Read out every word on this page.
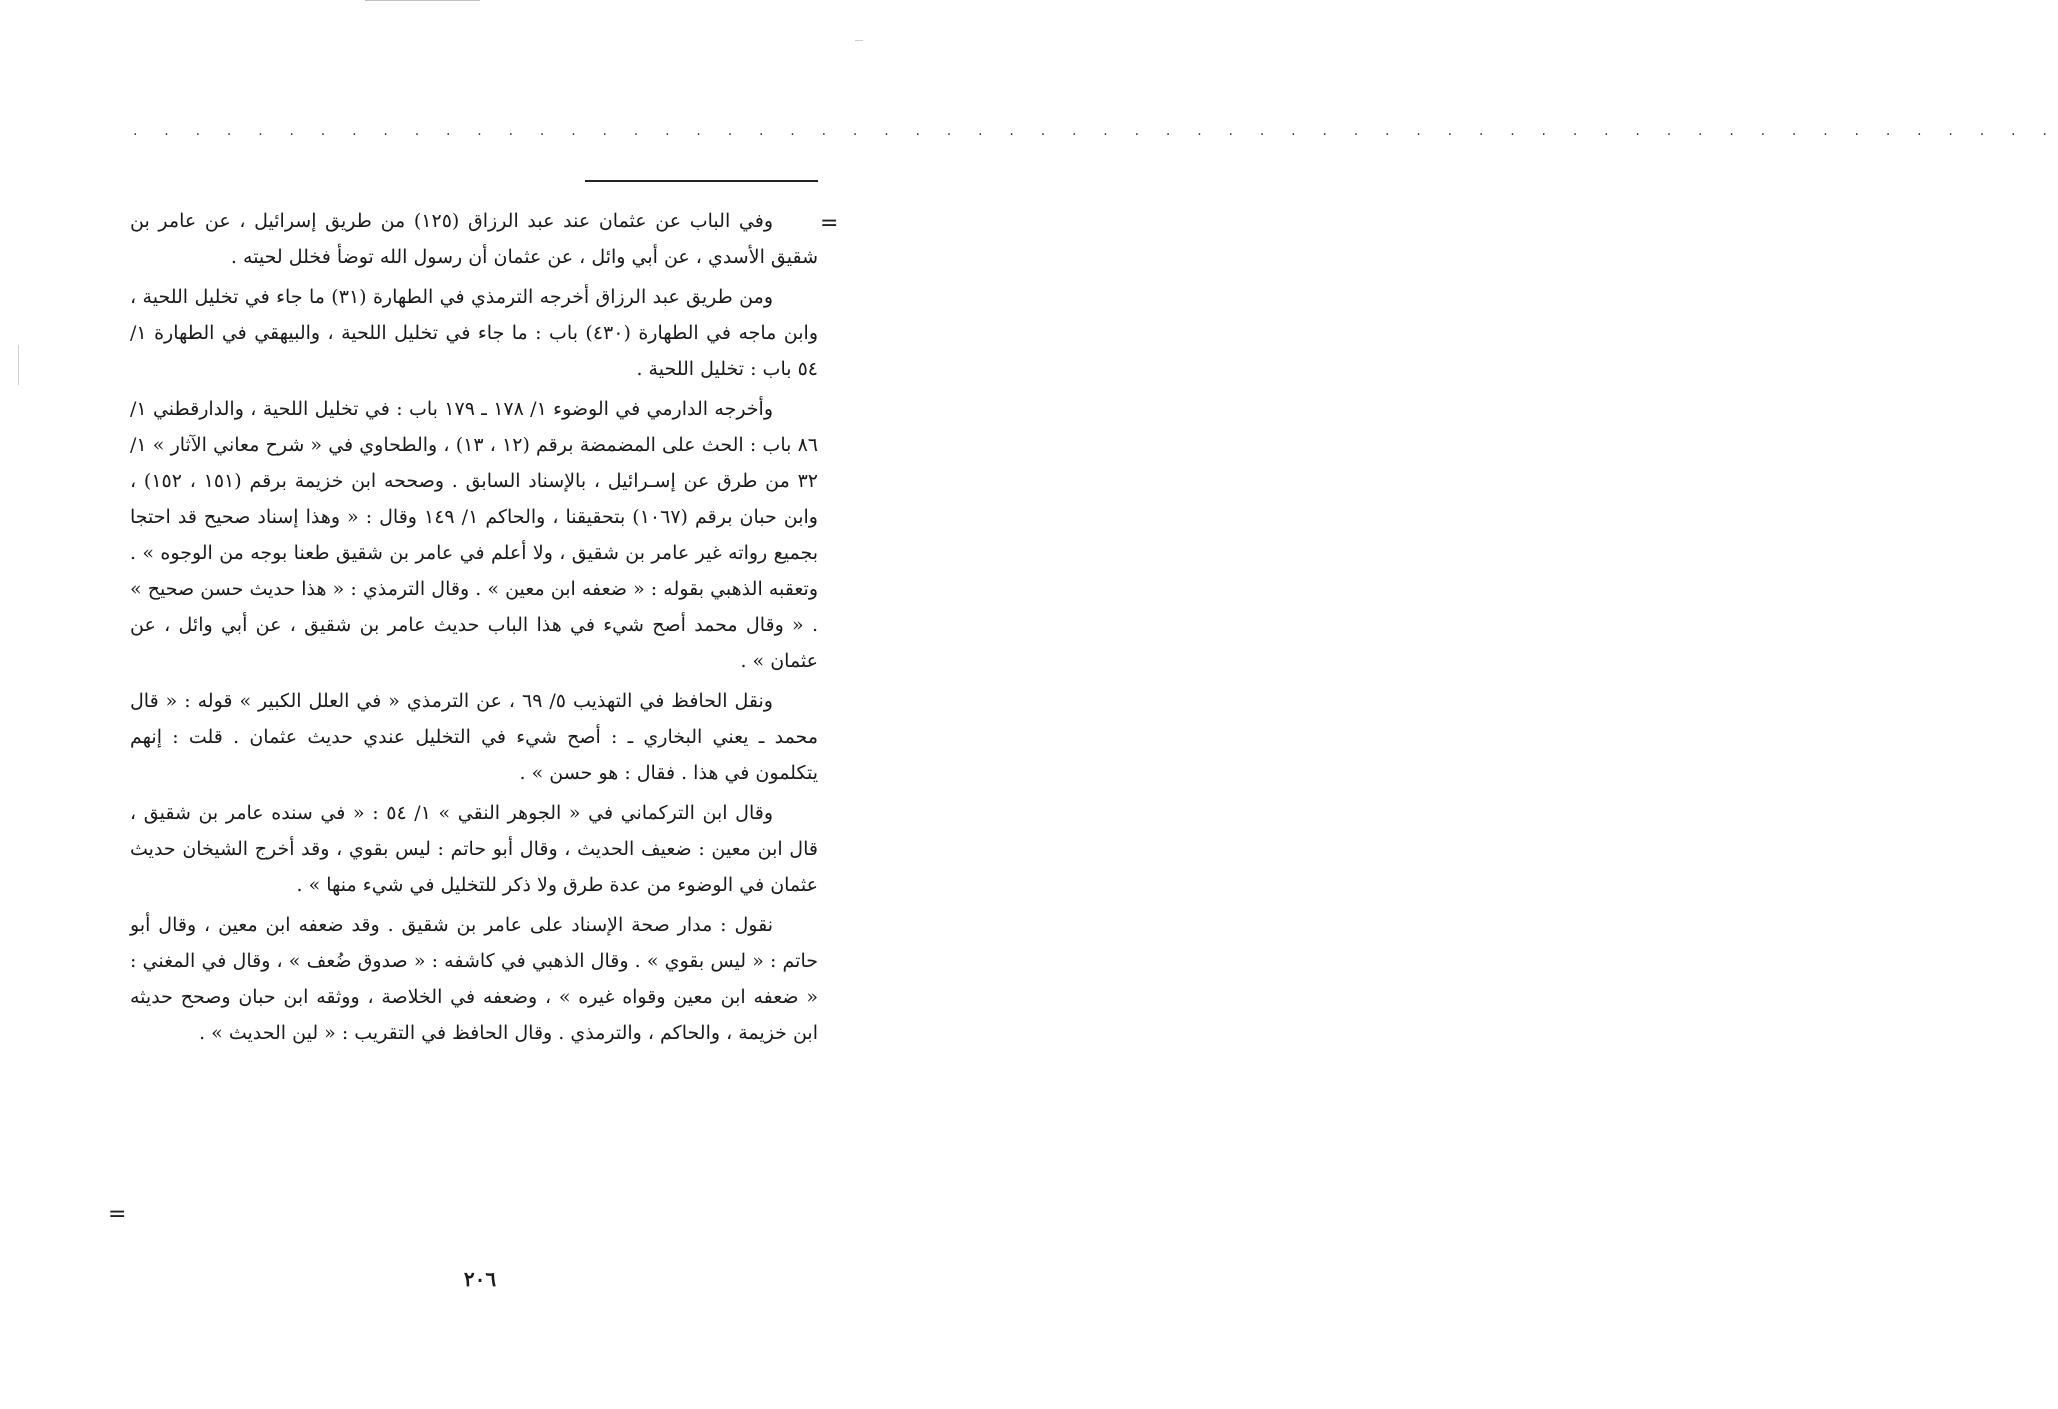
. . . . . . . . . . . . . . . . . . . . . . . . . . . . . . . . . . . . . . . . . . . . . . . . . . . . . . . . . . . . . .
=

وفي الباب عن عثمان عند عبد الرزاق (١٢٥) من طريق إسرائيل ، عن عامر بن شقيق الأسدي ، عن أبي وائل ، عن عثمان أن رسول الله توضأ فخلل لحيته .

ومن طريق عبد الرزاق أخرجه الترمذي في الطهارة (٣١) ما جاء في تخليل اللحية ، وابن ماجه في الطهارة (٤٣٠) باب : ما جاء في تخليل اللحية ، والبيهقي في الطهارة ١/ ٥٤ باب : تخليل اللحية .

وأخرجه الدارمي في الوضوء ١/ ١٧٨ ـ ١٧٩ باب : في تخليل اللحية ، والدارقطني ١/ ٨٦ باب : الحث على المضمضة برقم (١٢ ، ١٣) ، والطحاوي في « شرح معاني الآثار » ١/ ٣٢ من طرق عن إسـرائيل ، بالإسناد السابق . وصححه ابن خزيمة برقم (١٥١ ، ١٥٢) ، وابن حبان برقم (١٠٦٧) بتحقيقنا ، والحاكم ١/ ١٤٩ وقال : « وهذا إسناد صحيح قد احتجا بجميع رواته غير عامر بن شقيق ، ولا أعلم في عامر بن شقيق طعنا بوجه من الوجوه » . وتعقبه الذهبي بقوله : « ضعفه ابن معين » . وقال الترمذي : « هذا حديث حسن صحيح » . « وقال محمد أصح شيء في هذا الباب حديث عامر بن شقيق ، عن أبي وائل ، عن عثمان » .

ونقل الحافظ في التهذيب ٥/ ٦٩ ، عن الترمذي « في العلل الكبير » قوله : « قال محمد ـ يعني البخاري ـ : أصح شيء في التخليل عندي حديث عثمان . قلت : إنهم يتكلمون في هذا . فقال : هو حسن » .

وقال ابن التركماني في « الجوهر النقي » ١/ ٥٤ : « في سنده عامر بن شقيق ، قال ابن معين : ضعيف الحديث ، وقال أبو حاتم : ليس بقوي ، وقد أخرج الشيخان حديث عثمان في الوضوء من عدة طرق ولا ذكر للتخليل في شيء منها » .

نقول : مدار صحة الإسناد على عامر بن شقيق . وقد ضعفه ابن معين ، وقال أبو حاتم : « ليس بقوي » . وقال الذهبي في كاشفه : « صدوق ضُعف » ، وقال في المغني : « ضعفه ابن معين وقواه غيره » ، وضعفه في الخلاصة ، ووثقه ابن حبان وصحح حديثه ابن خزيمة ، والحاكم ، والترمذي . وقال الحافظ في التقريب : « لين الحديث » .

=
٢٠٦
